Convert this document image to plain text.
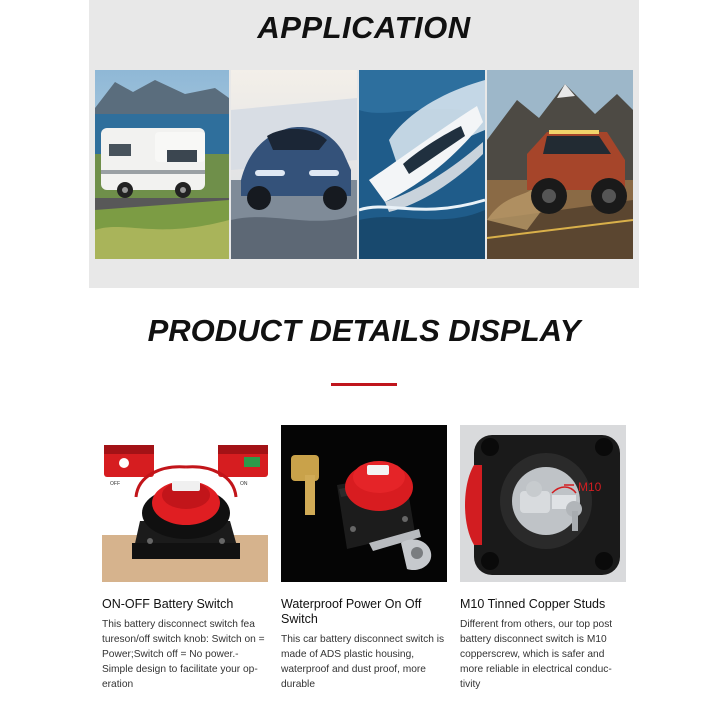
APPLICATION
PRODUCT DETAILS DISPLAY
OFF	ON
ON-OFF Battery Switch
This battery disconnect switch fea tureson/off switch knob: Switch on = Power;Switch off = No power.- Simple design to facilitate your op-eration
Waterproof Power On Off Switch
This car battery disconnect switch is made of ADS plastic housing, waterproof and dust proof, more durable
M10
M10 Tinned Copper Studs
Different from others, our top post battery disconnect switch is M10 copperscrew, which is safer and more reliable in electrical conduc-tivity
